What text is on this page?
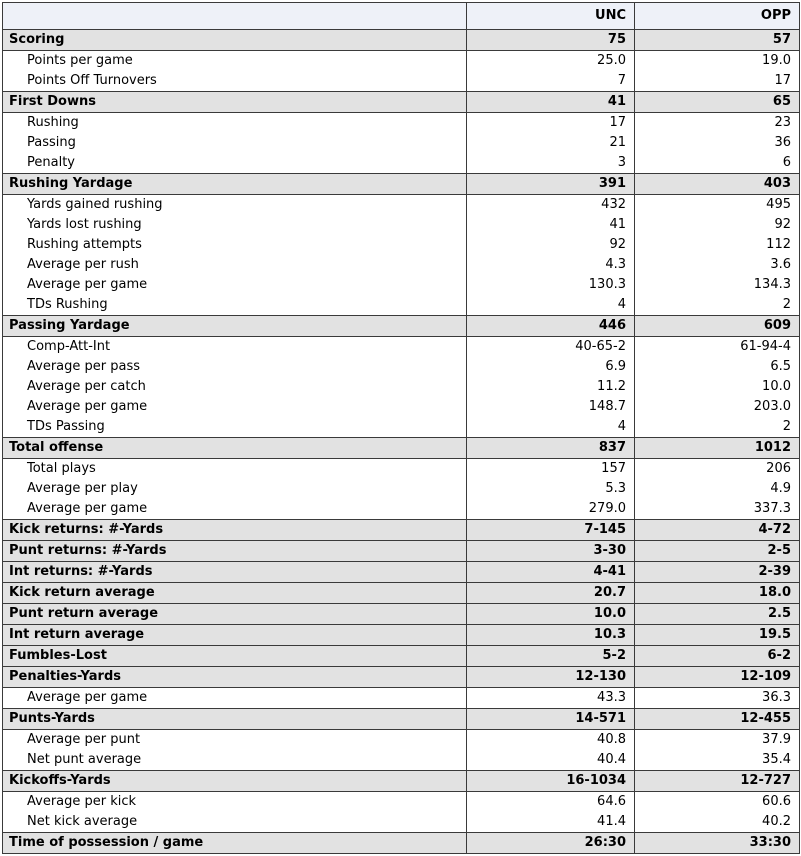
	UNC	OPP
Scoring	75	57
Points per game	25.0	19.0
Points Off Turnovers	7	17
First Downs	41	65
Rushing	17	23
Passing	21	36
Penalty	3	6
Rushing Yardage	391	403
Yards gained rushing	432	495
Yards lost rushing	41	92
Rushing attempts	92	112
Average per rush	4.3	3.6
Average per game	130.3	134.3
TDs Rushing	4	2
Passing Yardage	446	609
Comp-Att-Int	40-65-2	61-94-4
Average per pass	6.9	6.5
Average per catch	11.2	10.0
Average per game	148.7	203.0
TDs Passing	4	2
Total offense	837	1012
Total plays	157	206
Average per play	5.3	4.9
Average per game	279.0	337.3
Kick returns: #-Yards	7-145	4-72
Punt returns: #-Yards	3-30	2-5
Int returns: #-Yards	4-41	2-39
Kick return average	20.7	18.0
Punt return average	10.0	2.5
Int return average	10.3	19.5
Fumbles-Lost	5-2	6-2
Penalties-Yards	12-130	12-109
Average per game	43.3	36.3
Punts-Yards	14-571	12-455
Average per punt	40.8	37.9
Net punt average	40.4	35.4
Kickoffs-Yards	16-1034	12-727
Average per kick	64.6	60.6
Net kick average	41.4	40.2
Time of possession / game	26:30	33:30
